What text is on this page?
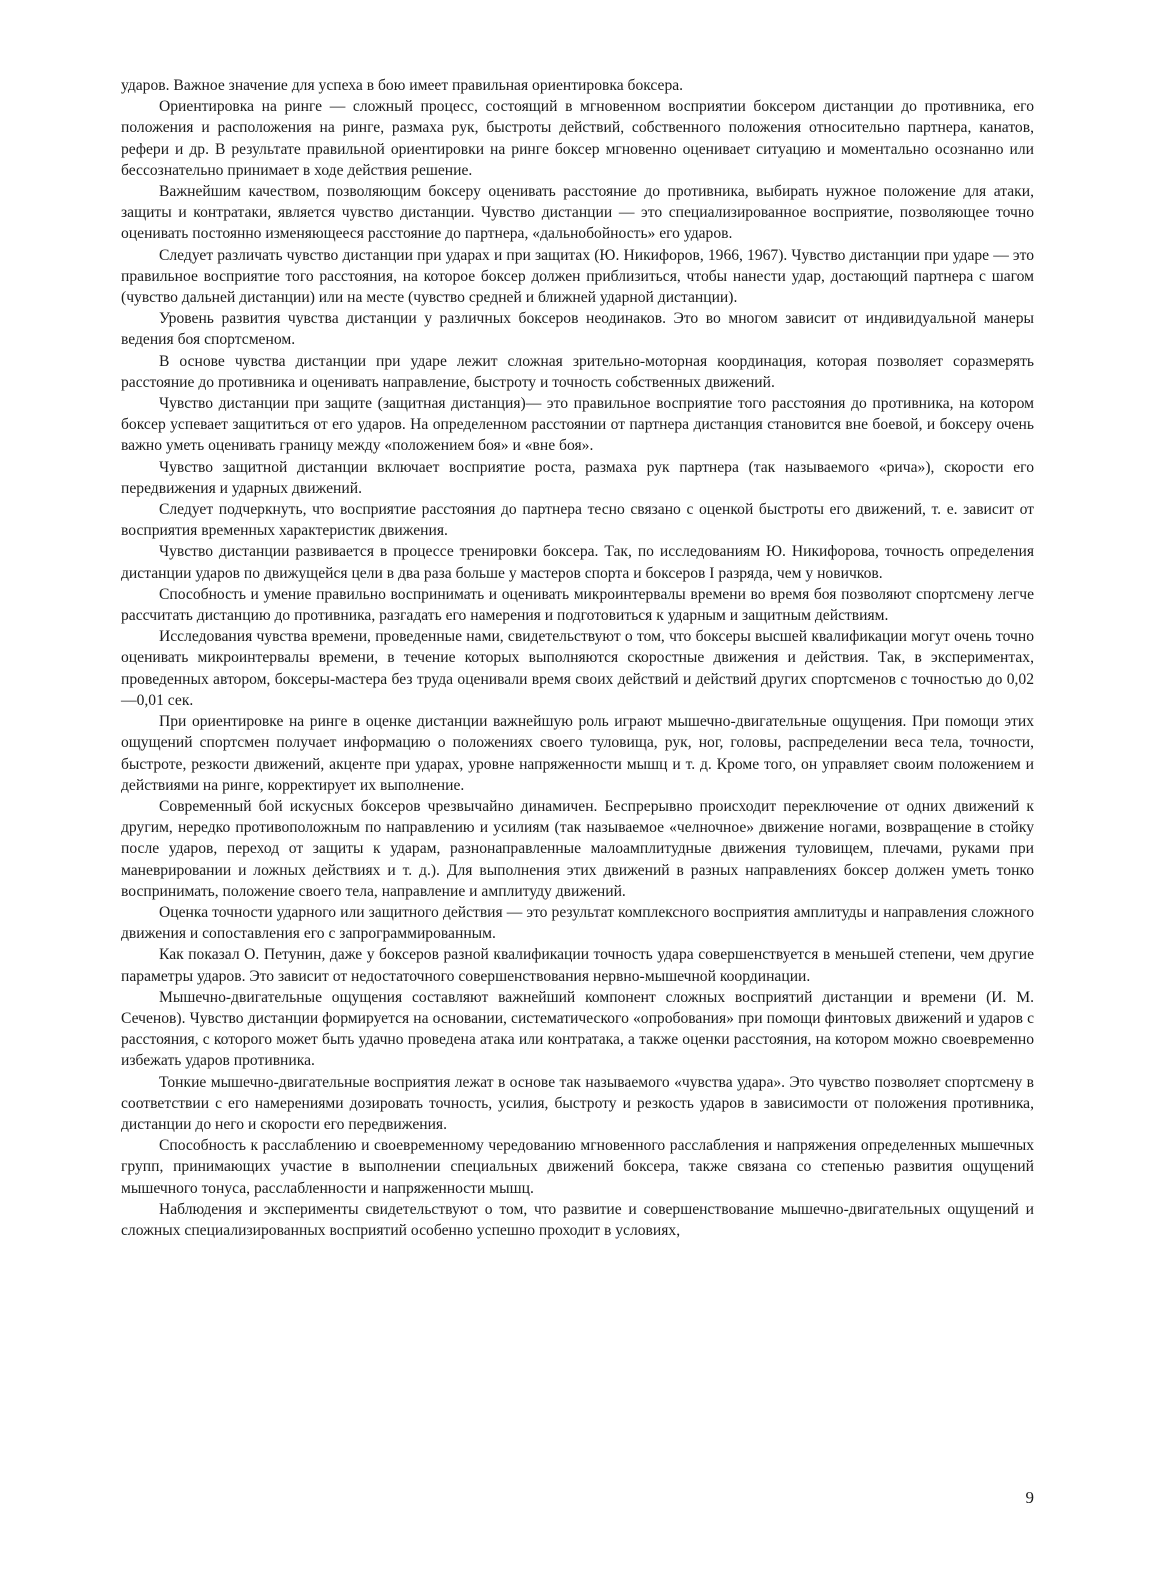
ударов. Важное значение для успеха в бою имеет правильная ориентировка боксера.

Ориентировка на ринге — сложный процесс, состоящий в мгновенном восприятии боксером дистанции до противника, его положения и расположения на ринге, размаха рук, быстроты действий, собственного положения относительно партнера, канатов, рефери и др. В результате правильной ориентировки на ринге боксер мгновенно оценивает ситуацию и моментально осознанно или бессознательно принимает в ходе действия решение.

Важнейшим качеством, позволяющим боксеру оценивать расстояние до противника, выбирать нужное положение для атаки, защиты и контратаки, является чувство дистанции. Чувство дистанции — это специализированное восприятие, позволяющее точно оценивать постоянно изменяющееся расстояние до партнера, «дальнобойность» его ударов.

Следует различать чувство дистанции при ударах и при защитах (Ю. Никифоров, 1966, 1967). Чувство дистанции при ударе — это правильное восприятие того расстояния, на которое боксер должен приблизиться, чтобы нанести удар, достающий партнера с шагом (чувство дальней дистанции) или на месте (чувство средней и ближней ударной дистанции).

Уровень развития чувства дистанции у различных боксеров неодинаков. Это во многом зависит от индивидуальной манеры ведения боя спортсменом.

В основе чувства дистанции при ударе лежит сложная зрительно-моторная координация, которая позволяет соразмерять расстояние до противника и оценивать направление, быстроту и точность собственных движений.

Чувство дистанции при защите (защитная дистанция)— это правильное восприятие того расстояния до противника, на котором боксер успевает защититься от его ударов. На определенном расстоянии от партнера дистанция становится вне боевой, и боксеру очень важно уметь оценивать границу между «положением боя» и «вне боя».

Чувство защитной дистанции включает восприятие роста, размаха рук партнера (так называемого «рича»), скорости его передвижения и ударных движений.

Следует подчеркнуть, что восприятие расстояния до партнера тесно связано с оценкой быстроты его движений, т. е. зависит от восприятия временных характеристик движения.

Чувство дистанции развивается в процессе тренировки боксера. Так, по исследованиям Ю. Никифорова, точность определения дистанции ударов по движущейся цели в два раза больше у мастеров спорта и боксеров I разряда, чем у новичков.

Способность и умение правильно воспринимать и оценивать микроинтервалы времени во время боя позволяют спортсмену легче рассчитать дистанцию до противника, разгадать его намерения и подготовиться к ударным и защитным действиям.

Исследования чувства времени, проведенные нами, свидетельствуют о том, что боксеры высшей квалификации могут очень точно оценивать микроинтервалы времени, в течение которых выполняются скоростные движения и действия. Так, в экспериментах, проведенных автором, боксеры-мастера без труда оценивали время своих действий и действий других спортсменов с точностью до 0,02—0,01 сек.

При ориентировке на ринге в оценке дистанции важнейшую роль играют мышечно-двигательные ощущения. При помощи этих ощущений спортсмен получает информацию о положениях своего туловища, рук, ног, головы, распределении веса тела, точности, быстроте, резкости движений, акценте при ударах, уровне напряженности мышц и т. д. Кроме того, он управляет своим положением и действиями на ринге, корректирует их выполнение.

Современный бой искусных боксеров чрезвычайно динамичен. Беспрерывно происходит переключение от одних движений к другим, нередко противоположным по направлению и усилиям (так называемое «челночное» движение ногами, возвращение в стойку после ударов, переход от защиты к ударам, разнонаправленные малоамплитудные движения туловищем, плечами, руками при маневрировании и ложных действиях и т. д.). Для выполнения этих движений в разных направлениях боксер должен уметь тонко воспринимать, положение своего тела, направление и амплитуду движений.

Оценка точности ударного или защитного действия — это результат комплексного восприятия амплитуды и направления сложного движения и сопоставления его с запрограммированным.

Как показал О. Петунин, даже у боксеров разной квалификации точность удара совершенствуется в меньшей степени, чем другие параметры ударов. Это зависит от недостаточного совершенствования нервно-мышечной координации.

Мышечно-двигательные ощущения составляют важнейший компонент сложных восприятий дистанции и времени (И. М. Сеченов). Чувство дистанции формируется на основании, систематического «опробования» при помощи финтовых движений и ударов с расстояния, с которого может быть удачно проведена атака или контратака, а также оценки расстояния, на котором можно своевременно избежать ударов противника.

Тонкие мышечно-двигательные восприятия лежат в основе так называемого «чувства удара». Это чувство позволяет спортсмену в соответствии с его намерениями дозировать точность, усилия, быстроту и резкость ударов в зависимости от положения противника, дистанции до него и скорости его передвижения.

Способность к расслаблению и своевременному чередованию мгновенного расслабления и напряжения определенных мышечных групп, принимающих участие в выполнении специальных движений боксера, также связана со степенью развития ощущений мышечного тонуса, расслабленности и напряженности мышц.

Наблюдения и эксперименты свидетельствуют о том, что развитие и совершенствование мышечно-двигательных ощущений и сложных специализированных восприятий особенно успешно проходит в условиях,

9
